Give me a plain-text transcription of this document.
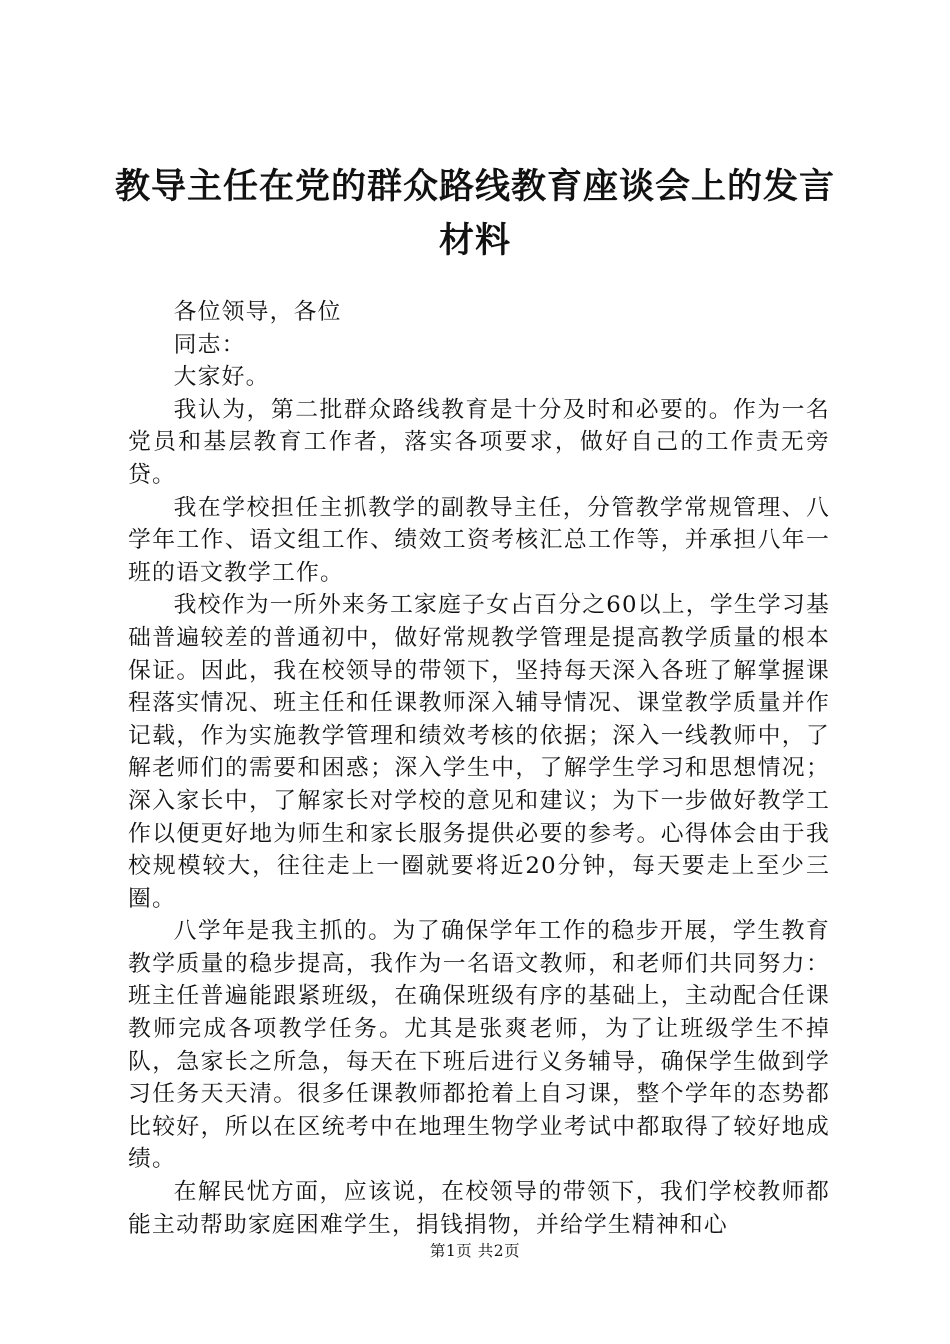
教导主任在党的群众路线教育座谈会上的发言
材料

各位领导，各位

同志：

大家好。

我认为，第二批群众路线教育是十分及时和必要的。作为一名党员和基层教育工作者，落实各项要求，做好自己的工作责无旁贷。

我在学校担任主抓教学的副教导主任，分管教学常规管理、八学年工作、语文组工作、绩效工资考核汇总工作等，并承担八年一班的语文教学工作。

我校作为一所外来务工家庭子女占百分之60以上，学生学习基础普遍较差的普通初中，做好常规教学管理是提高教学质量的根本保证。因此，我在校领导的带领下，坚持每天深入各班了解掌握课程落实情况、班主任和任课教师深入辅导情况、课堂教学质量并作记载，作为实施教学管理和绩效考核的依据；深入一线教师中，了解老师们的需要和困惑；深入学生中，了解学生学习和思想情况；深入家长中，了解家长对学校的意见和建议；为下一步做好教学工作以便更好地为师生和家长服务提供必要的参考。心得体会由于我校规模较大，往往走上一圈就要将近20分钟，每天要走上至少三圈。

八学年是我主抓的。为了确保学年工作的稳步开展，学生教育教学质量的稳步提高，我作为一名语文教师，和老师们共同努力：班主任普遍能跟紧班级，在确保班级有序的基础上，主动配合任课教师完成各项教学任务。尤其是张爽老师，为了让班级学生不掉队，急家长之所急，每天在下班后进行义务辅导，确保学生做到学习任务天天清。很多任课教师都抢着上自习课，整个学年的态势都比较好，所以在区统考中在地理生物学业考试中都取得了较好地成绩。

在解民忧方面，应该说，在校领导的带领下，我们学校教师都能主动帮助家庭困难学生，捐钱捐物，并给学生精神和心

第1页 共2页
